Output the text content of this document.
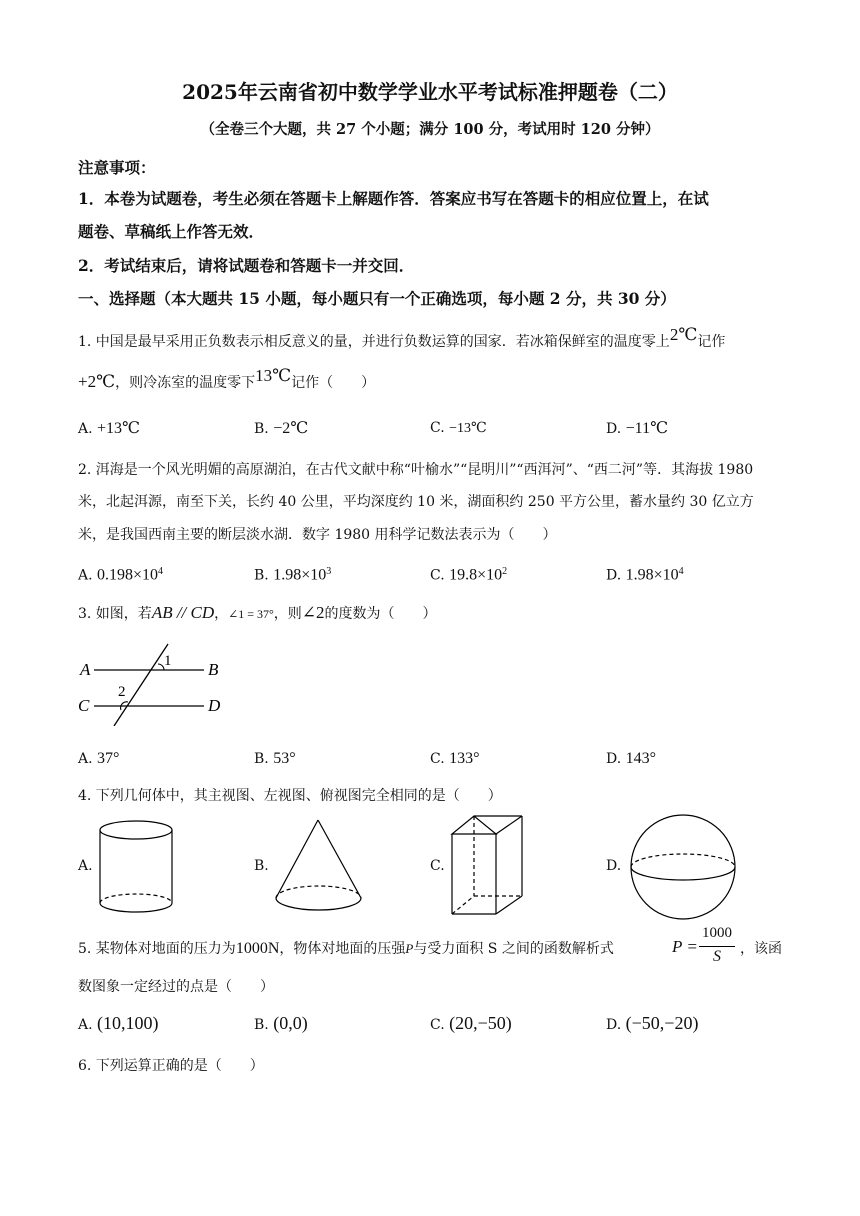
2025年云南省初中数学学业水平考试标准押题卷（二）
（全卷三个大题，共 27 个小题；满分 100 分，考试用时 120 分钟）
注意事项：
1．本卷为试题卷，考生必须在答题卡上解题作答．答案应书写在答题卡的相应位置上，在试
题卷、草稿纸上作答无效．
2．考试结束后，请将试题卷和答题卡一并交回．
一、选择题（本大题共 15 小题，每小题只有一个正确选项，每小题 2 分，共 30 分）
1. 中国是最早采用正负数表示相反意义的量，并进行负数运算的国家．若冰箱保鲜室的温度零上2℃记作
+2℃，则冷冻室的温度零下13℃记作（　　）
A. +13℃	B. −2℃	C. −13℃	D. −11℃
2. 洱海是一个风光明媚的高原湖泊，在古代文献中称“叶榆水”“昆明川”“西洱河”、“西二河”等．其海拔 1980
米，北起洱源，南至下关，长约 40 公里，平均深度约 10 米，湖面积约 250 平方公里，蓄水量约 30 亿立方
米，是我国西南主要的断层淡水湖．数字 1980 用科学记数法表示为（　　）
A. $0.198\times 10^4$	B. $1.98\times 10^3$	C. $19.8\times 10^2$	D. $1.98\times 10^4$
3. 如图，若AB // CD，∠1 = 37°，则∠2的度数为（　　）
A	B
C	D
1
2
A. 37°	B. 53°	C. 133°	D. 143°
4. 下列几何体中，其主视图、左视图、俯视图完全相同的是（　　）
A.	B.	C.	D.
5. 某物体对地面的压力为1000N，物体对地面的压强P与受力面积 S 之间的函数解析式	P =
1000
S	，该函
数图象一定经过的点是（　　）
A. (10,100)	B. (0,0)	C. (20,−50)	D. (−50,−20)
6. 下列运算正确的是（　　）
